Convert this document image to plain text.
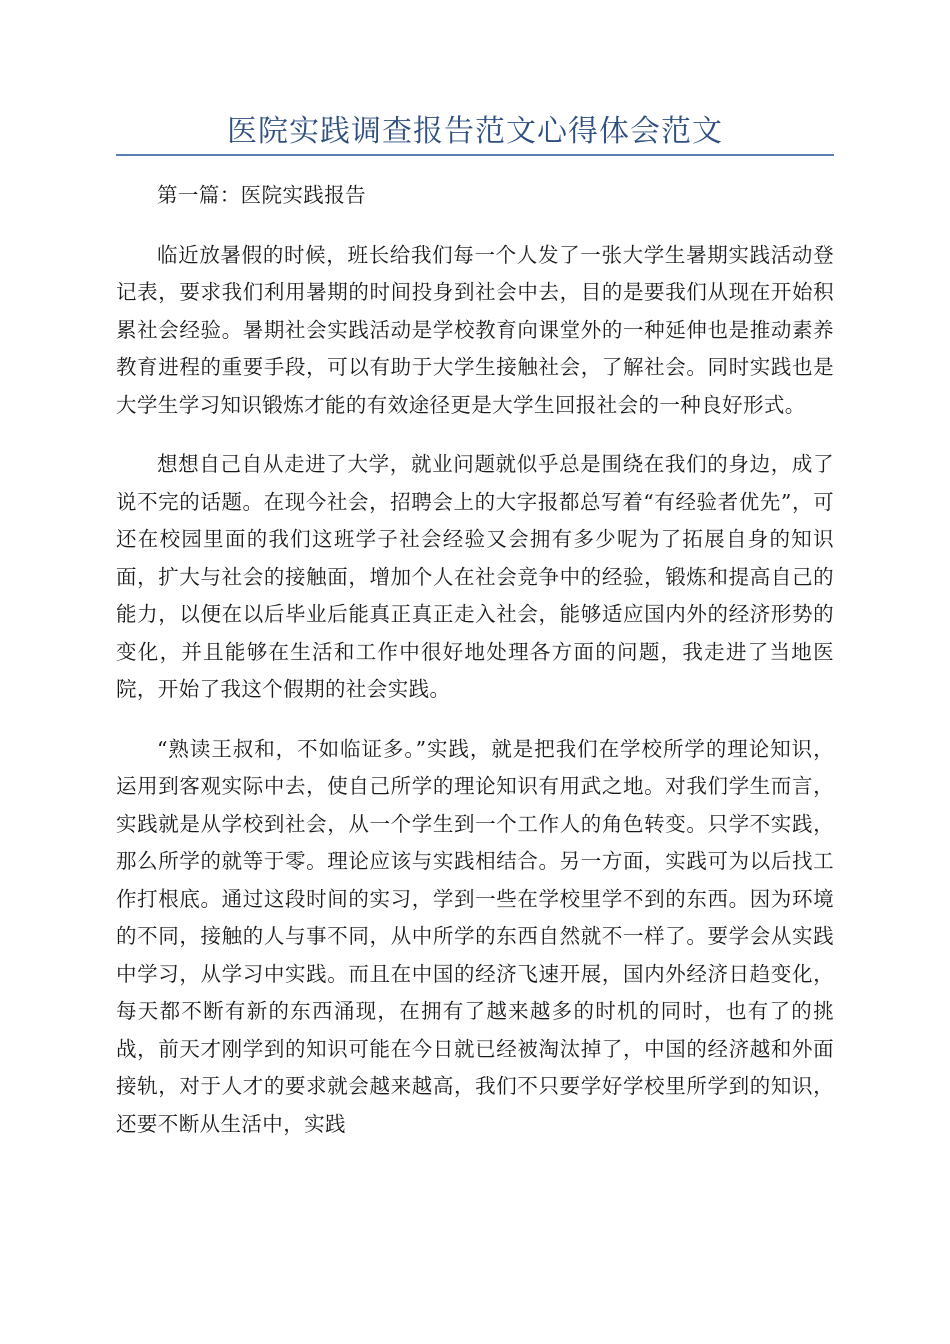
医院实践调查报告范文心得体会范文

第一篇：医院实践报告

临近放暑假的时候，班长给我们每一个人发了一张大学生暑期实践活动登记表，要求我们利用暑期的时间投身到社会中去，目的是要我们从现在开始积累社会经验。暑期社会实践活动是学校教育向课堂外的一种延伸也是推动素养教育进程的重要手段，可以有助于大学生接触社会，了解社会。同时实践也是大学生学习知识锻炼才能的有效途径更是大学生回报社会的一种良好形式。

想想自己自从走进了大学，就业问题就似乎总是围绕在我们的身边，成了说不完的话题。在现今社会，招聘会上的大字报都总写着“有经验者优先”，可还在校园里面的我们这班学子社会经验又会拥有多少呢为了拓展自身的知识面，扩大与社会的接触面，增加个人在社会竞争中的经验，锻炼和提高自己的能力，以便在以后毕业后能真正真正走入社会，能够适应国内外的经济形势的变化，并且能够在生活和工作中很好地处理各方面的问题，我走进了当地医院，开始了我这个假期的社会实践。

“熟读王叔和，不如临证多。”实践，就是把我们在学校所学的理论知识，运用到客观实际中去，使自己所学的理论知识有用武之地。对我们学生而言，实践就是从学校到社会，从一个学生到一个工作人的角色转变。只学不实践，那么所学的就等于零。理论应该与实践相结合。另一方面，实践可为以后找工作打根底。通过这段时间的实习，学到一些在学校里学不到的东西。因为环境的不同，接触的人与事不同，从中所学的东西自然就不一样了。要学会从实践中学习，从学习中实践。而且在中国的经济飞速开展，国内外经济日趋变化，每天都不断有新的东西涌现，在拥有了越来越多的时机的同时，也有了的挑战，前天才刚学到的知识可能在今日就已经被淘汰掉了，中国的经济越和外面接轨，对于人才的要求就会越来越高，我们不只要学好学校里所学到的知识，还要不断从生活中，实践
